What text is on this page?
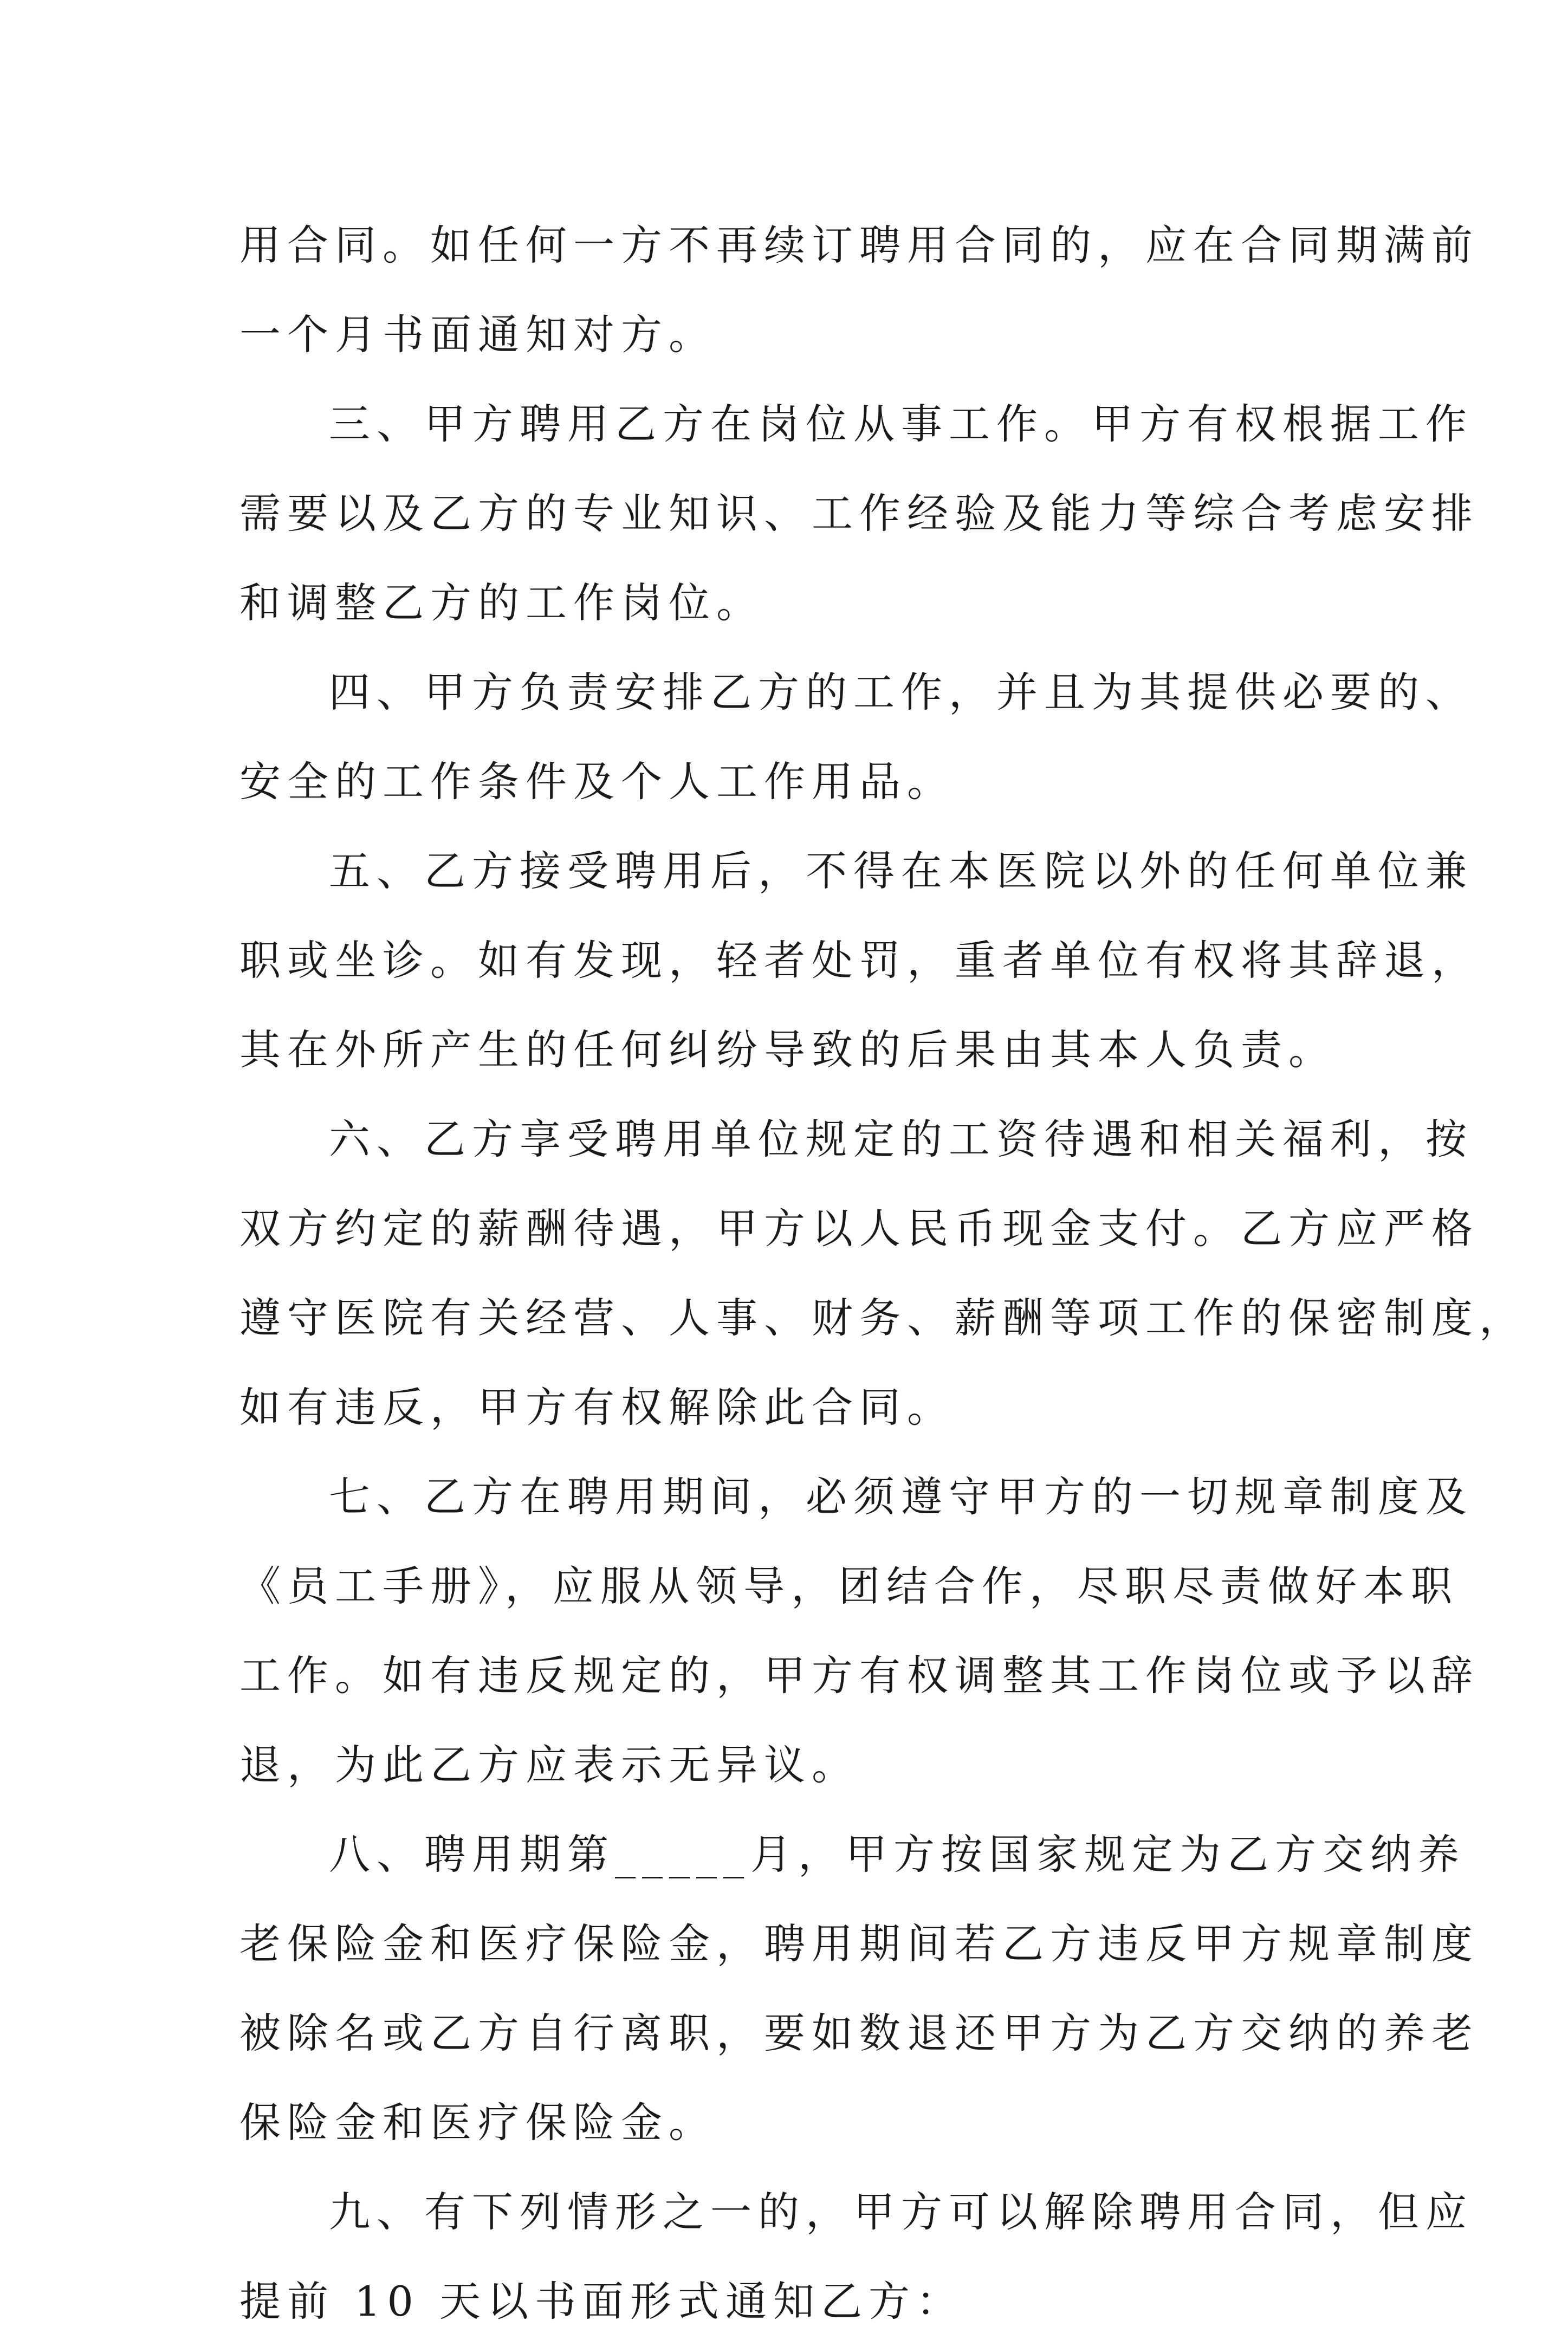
用合同。如任何一方不再续订聘用合同的，应在合同期满前
一个月书面通知对方。
三、甲方聘用乙方在岗位从事工作。甲方有权根据工作
需要以及乙方的专业知识、工作经验及能力等综合考虑安排
和调整乙方的工作岗位。
四、甲方负责安排乙方的工作，并且为其提供必要的、
安全的工作条件及个人工作用品。
五、乙方接受聘用后，不得在本医院以外的任何单位兼
职或坐诊。如有发现，轻者处罚，重者单位有权将其辞退，
其在外所产生的任何纠纷导致的后果由其本人负责。
六、乙方享受聘用单位规定的工资待遇和相关福利，按
双方约定的薪酬待遇，甲方以人民币现金支付。乙方应严格
遵守医院有关经营、人事、财务、薪酬等项工作的保密制度，
如有违反，甲方有权解除此合同。
七、乙方在聘用期间，必须遵守甲方的一切规章制度及
《员工手册》，应服从领导，团结合作，尽职尽责做好本职
工作。如有违反规定的，甲方有权调整其工作岗位或予以辞
退，为此乙方应表示无异议。
八、聘用期第_____月，甲方按国家规定为乙方交纳养
老保险金和医疗保险金，聘用期间若乙方违反甲方规章制度
被除名或乙方自行离职，要如数退还甲方为乙方交纳的养老
保险金和医疗保险金。
九、有下列情形之一的，甲方可以解除聘用合同，但应
提前 10 天以书面形式通知乙方：
